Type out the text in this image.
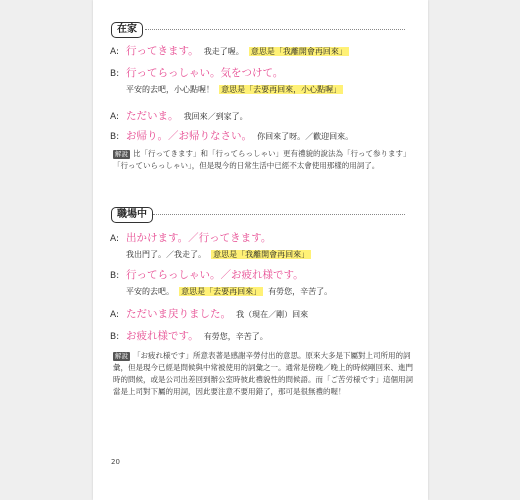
在家
A: 行ってきます。 我走了喔。 意思是「我離開會再回來」
B: 行ってらっしゃい。気をつけて。
平安的去吧，小心點喔！ 意思是「去要再回來，小心點喔」
A: ただいま。 我回來／到家了。
B: お帰り。／お帰りなさい。 你回來了呀。／歡迎回來。
解說 比「行ってきます」和「行ってらっしゃい」更有禮貌的說法為「行って参ります」「行っていらっしゃい」，但是現今的日常生活中已經不太會使用那樣的用詞了。
職場中
A: 出かけます。／行ってきます。
我出門了。／我走了。 意思是「我離開會再回來」
B: 行ってらっしゃい。／お疲れ様です。
平安的去吧。 意思是「去要再回來」 有勞您，辛苦了。
A: ただいま戻りました。 我（現在／剛）回來
B: お疲れ様です。 有勞您，辛苦了。
解說 「お疲れ様です」所意表著是感謝辛勞付出的意思。原來大多是下屬對上司所用的詞彙，但是現今已經是問候與中常被使用的詞彙之一。通常是傍晚／晚上的時候剛回來、進門時的問候，或是公司出差回到辦公室時彼此禮貌性的問候語。而「ご苦労様です」這個用詞當是上司對下屬的用詞，因此要注意不要用錯了，那可是很無禮的喔！
20
